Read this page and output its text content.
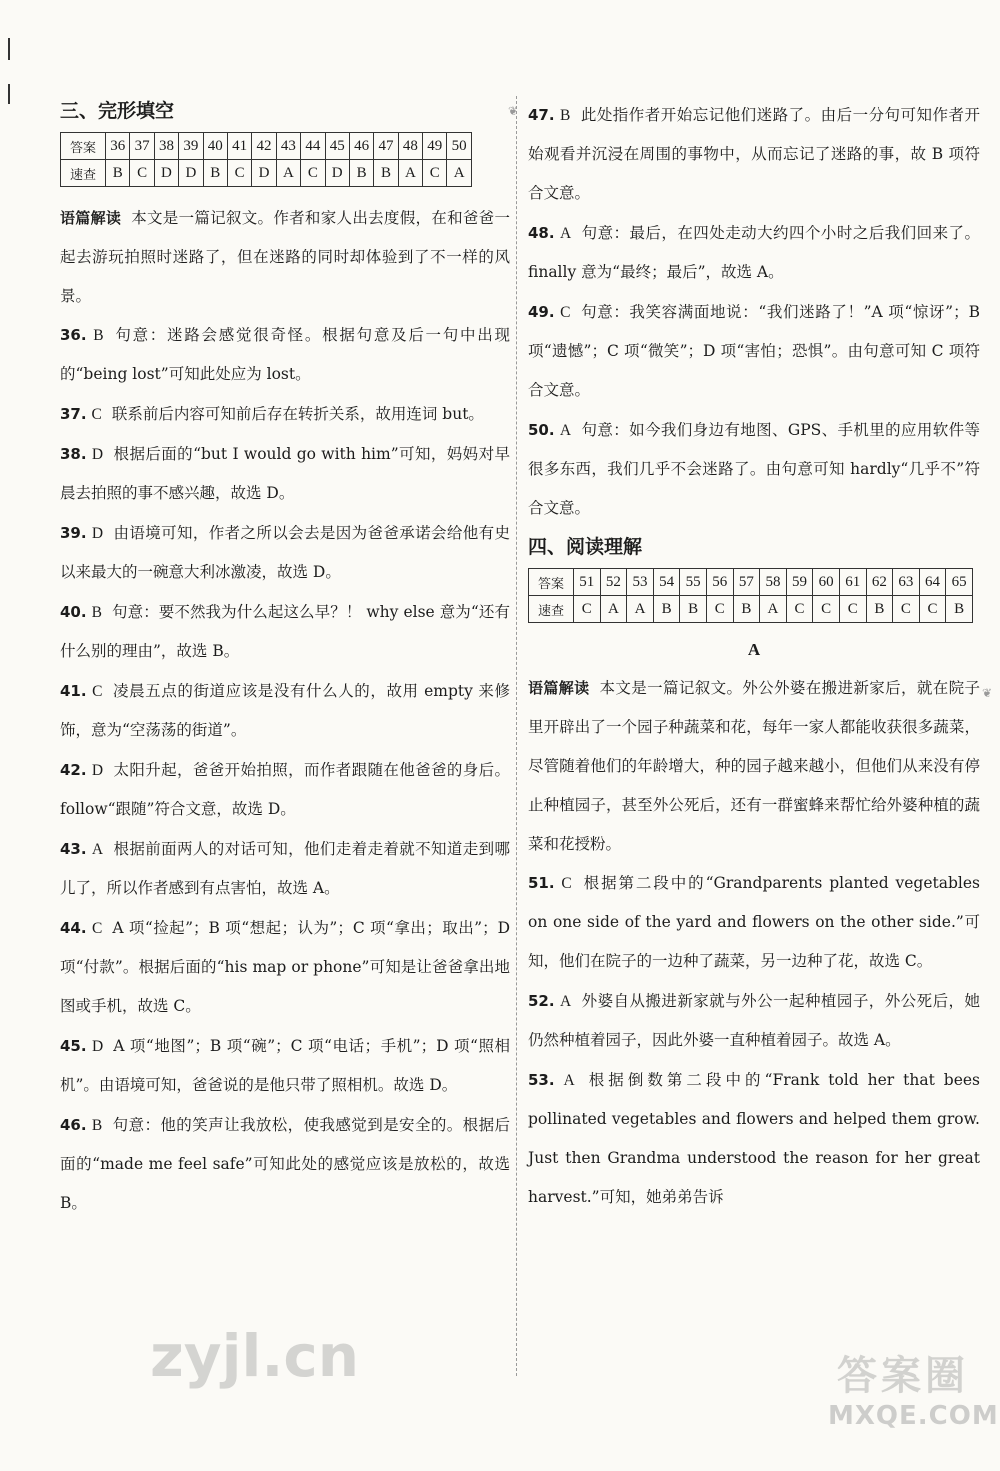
❦
❦
三、完形填空
答案	36	37	38	39	40	41	42	43	44	45	46	47	48	49	50
速查	B	C	D	D	B	C	D	A	C	D	B	B	A	C	A

语篇解读 本文是一篇记叙文。作者和家人出去度假，在和爸爸一起去游玩拍照时迷路了，但在迷路的同时却体验到了不一样的风景。

36. B 句意：迷路会感觉很奇怪。根据句意及后一句中出现的“being lost”可知此处应为 lost。

37. C 联系前后内容可知前后存在转折关系，故用连词 but。

38. D 根据后面的“but I would go with him”可知，妈妈对早晨去拍照的事不感兴趣，故选 D。

39. D 由语境可知，作者之所以会去是因为爸爸承诺会给他有史以来最大的一碗意大利冰激凌，故选 D。

40. B 句意：要不然我为什么起这么早？！ why else 意为“还有什么别的理由”，故选 B。

41. C 凌晨五点的街道应该是没有什么人的，故用 empty 来修饰，意为“空荡荡的街道”。

42. D 太阳升起，爸爸开始拍照，而作者跟随在他爸爸的身后。follow“跟随”符合文意，故选 D。

43. A 根据前面两人的对话可知，他们走着走着就不知道走到哪儿了，所以作者感到有点害怕，故选 A。

44. C A 项“捡起”；B 项“想起；认为”；C 项“拿出；取出”；D 项“付款”。根据后面的“his map or phone”可知是让爸爸拿出地图或手机，故选 C。

45. D A 项“地图”；B 项“碗”；C 项“电话；手机”；D 项“照相机”。由语境可知，爸爸说的是他只带了照相机。故选 D。

46. B 句意：他的笑声让我放松，使我感觉到是安全的。根据后面的“made me feel safe”可知此处的感觉应该是放松的，故选 B。

47. B 此处指作者开始忘记他们迷路了。由后一分句可知作者开始观看并沉浸在周围的事物中，从而忘记了迷路的事，故 B 项符合文意。

48. A 句意：最后，在四处走动大约四个小时之后我们回来了。finally 意为“最终；最后”，故选 A。

49. C 句意：我笑容满面地说：“我们迷路了！”A 项“惊讶”；B 项“遗憾”；C 项“微笑”；D 项“害怕；恐惧”。由句意可知 C 项符合文意。

50. A 句意：如今我们身边有地图、GPS、手机里的应用软件等很多东西，我们几乎不会迷路了。由句意可知 hardly“几乎不”符合文意。

四、阅读理解
答案	51	52	53	54	55	56	57	58	59	60	61	62	63	64	65
速查	C	A	A	B	B	C	B	A	C	C	C	B	C	C	B
A

语篇解读 本文是一篇记叙文。外公外婆在搬进新家后，就在院子里开辟出了一个园子种蔬菜和花，每年一家人都能收获很多蔬菜，尽管随着他们的年龄增大，种的园子越来越小，但他们从来没有停止种植园子，甚至外公死后，还有一群蜜蜂来帮忙给外婆种植的蔬菜和花授粉。

51. C 根据第二段中的“Grandparents planted vegetables on one side of the yard and flowers on the other side.”可知，他们在院子的一边种了蔬菜，另一边种了花，故选 C。

52. A 外婆自从搬进新家就与外公一起种植园子，外公死后，她仍然种植着园子，因此外婆一直种植着园子。故选 A。

53. A 根据倒数第二段中的“Frank told her that bees pollinated vegetables and flowers and helped them grow. Just then Grandma understood the reason for her great harvest.”可知，她弟弟告诉

zyjl.cn	答案圈
MXQE.COM
